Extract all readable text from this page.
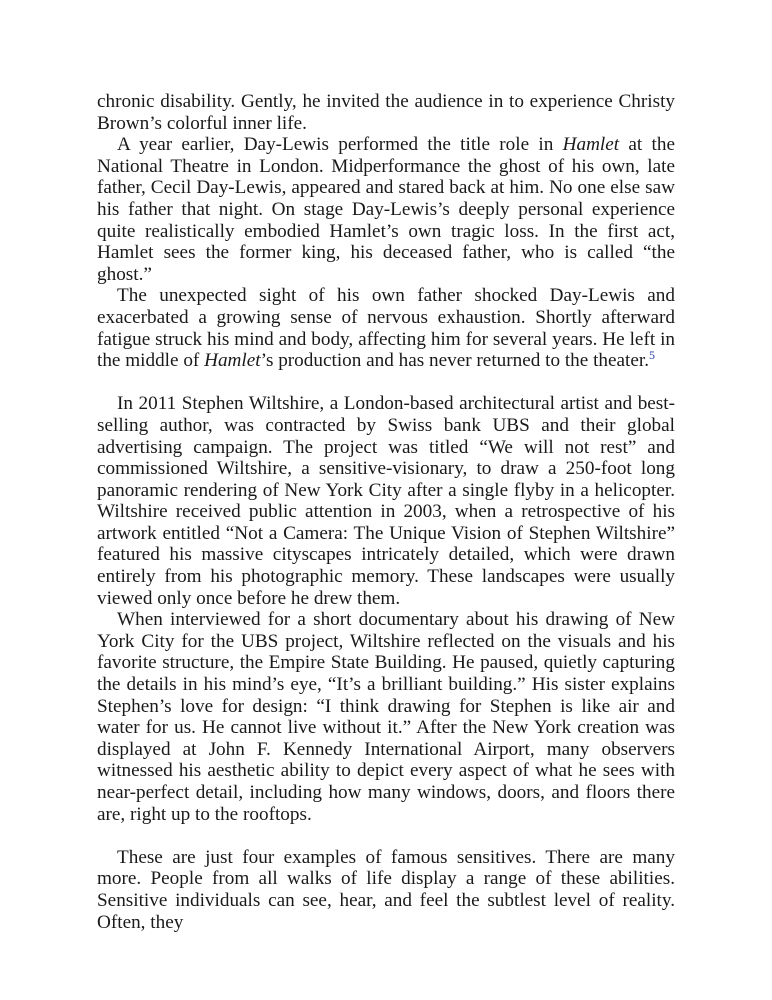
chronic disability. Gently, he invited the audience in to experience Christy Brown’s colorful inner life.

A year earlier, Day-Lewis performed the title role in Hamlet at the National Theatre in London. Midperformance the ghost of his own, late father, Cecil Day-Lewis, appeared and stared back at him. No one else saw his father that night. On stage Day-Lewis’s deeply personal experience quite realistically embodied Hamlet’s own tragic loss. In the first act, Hamlet sees the former king, his deceased father, who is called “the ghost.”

The unexpected sight of his own father shocked Day-Lewis and exacerbated a growing sense of nervous exhaustion. Shortly afterward fatigue struck his mind and body, affecting him for several years. He left in the middle of Hamlet’s production and has never returned to the theater.$^5$

In 2011 Stephen Wiltshire, a London-based architectural artist and best-selling author, was contracted by Swiss bank UBS and their global advertising campaign. The project was titled “We will not rest” and commissioned Wiltshire, a sensitive-visionary, to draw a 250-foot long panoramic rendering of New York City after a single flyby in a helicopter. Wiltshire received public attention in 2003, when a retrospective of his artwork entitled “Not a Camera: The Unique Vision of Stephen Wiltshire” featured his massive cityscapes intricately detailed, which were drawn entirely from his photographic memory. These landscapes were usually viewed only once before he drew them.

When interviewed for a short documentary about his drawing of New York City for the UBS project, Wiltshire reflected on the visuals and his favorite structure, the Empire State Building. He paused, quietly capturing the details in his mind’s eye, “It’s a brilliant building.” His sister explains Stephen’s love for design: “I think drawing for Stephen is like air and water for us. He cannot live without it.” After the New York creation was displayed at John F. Kennedy International Airport, many observers witnessed his aesthetic ability to depict every aspect of what he sees with near-perfect detail, including how many windows, doors, and floors there are, right up to the rooftops.

These are just four examples of famous sensitives. There are many more. People from all walks of life display a range of these abilities. Sensitive individuals can see, hear, and feel the subtlest level of reality. Often, they
